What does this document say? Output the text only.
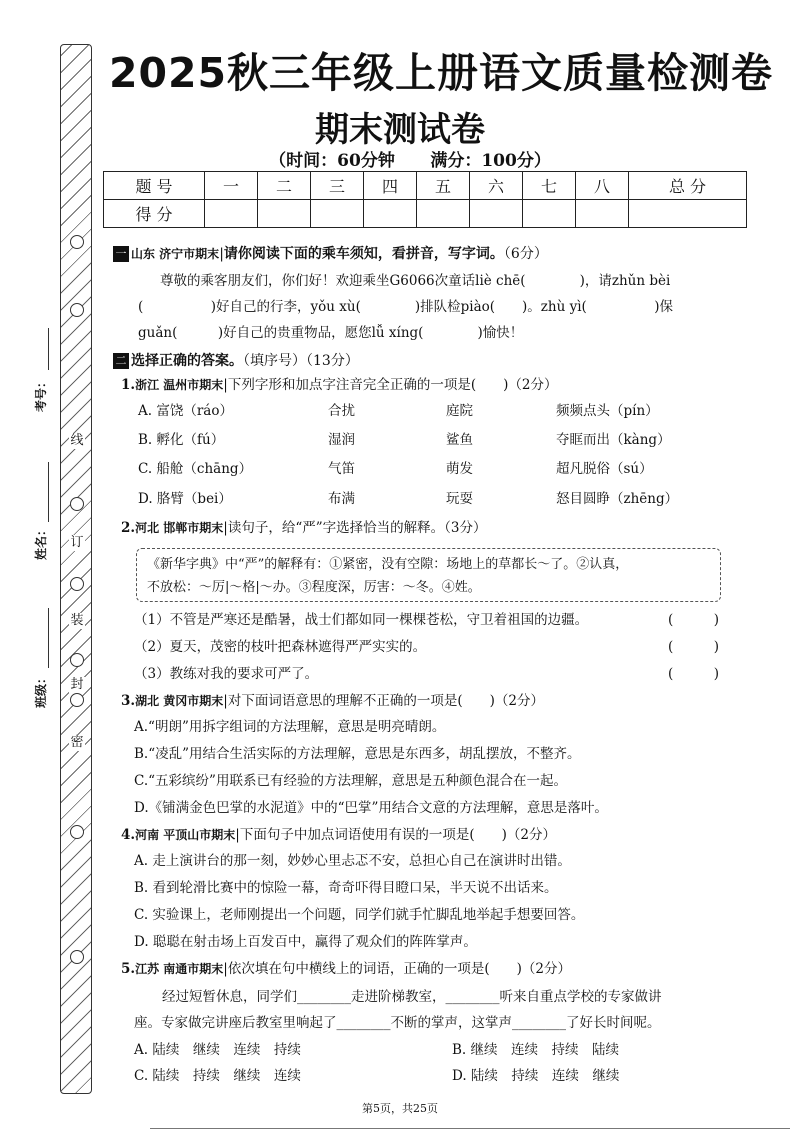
线
订
装
封
密
考号：
姓名：
班级：
2025秋三年级上册语文质量检测卷
期末测试卷
（时间：60分钟 满分：100分）
题 号	一	二	三	四	五	六	七	八	总 分
得 分									
一 山东 济宁市期末|请你阅读下面的乘车须知，看拼音，写字词。（6分）
尊敬的乘客朋友们，你们好！欢迎乘坐G6066次童话liè chē(　　　　)，请zhǔn bèi
(　　　　　)好自己的行李，yǒu xù(　　　　)排队检piào(　　)。zhù yì(　　　　　)保
guǎn(　　　)好自己的贵重物品，愿您lǚ xíng(　　　　)愉快！
二 选择正确的答案。（填序号）（13分）
1.浙江 温州市期末|下列字形和加点字注音完全正确的一项是(　　)（2分）
A. 富饶（ráo）	合扰	庭院	频频点头（pín）
B. 孵化（fú）	湿润	鲨鱼	夺眶而出（kàng）
C. 船舱（chāng）	气笛	萌发	超凡脱俗（sú）
D. 胳臂（bei）	布满	玩耍	怒目圆睁（zhēng）
2.河北 邯郸市期末|读句子，给“严”字选择恰当的解释。（3分）
《新华字典》中“严”的解释有：①紧密，没有空隙：场地上的草都长～了。②认真，
不放松：～厉|～格|～办。③程度深，厉害：～冬。④姓。
（1）不管是严寒还是酷暑，战士们都如同一棵棵苍松，守卫着祖国的边疆。	(　　　)
（2）夏天，茂密的枝叶把森林遮得严严实实的。	(　　　)
（3）教练对我的要求可严了。	(　　　)
3.湖北 黄冈市期末|对下面词语意思的理解不正确的一项是(　　)（2分）
A.“明朗”用拆字组词的方法理解，意思是明亮晴朗。
B.“凌乱”用结合生活实际的方法理解，意思是东西多，胡乱摆放，不整齐。
C.“五彩缤纷”用联系已有经验的方法理解，意思是五种颜色混合在一起。
D.《铺满金色巴掌的水泥道》中的“巴掌”用结合文意的方法理解，意思是落叶。
4.河南 平顶山市期末|下面句子中加点词语使用有误的一项是(　　)（2分）
A. 走上演讲台的那一刻，妙妙心里忐忑不安，总担心自己在演讲时出错。
B. 看到轮滑比赛中的惊险一幕，奇奇吓得目瞪口呆，半天说不出话来。
C. 实验课上，老师刚提出一个问题，同学们就手忙脚乱地举起手想要回答。
D. 聪聪在射击场上百发百中，赢得了观众们的阵阵掌声。
5.江苏 南通市期末|依次填在句中横线上的词语，正确的一项是(　　)（2分）
经过短暂休息，同学们________走进阶梯教室，________听来自重点学校的专家做讲
座。专家做完讲座后教室里响起了________不断的掌声，这掌声________了好长时间呢。
A. 陆续　继续　连续　持续	B. 继续　连续　持续　陆续
C. 陆续　持续　继续　连续	D. 陆续　持续　连续　继续
第5页，共25页
